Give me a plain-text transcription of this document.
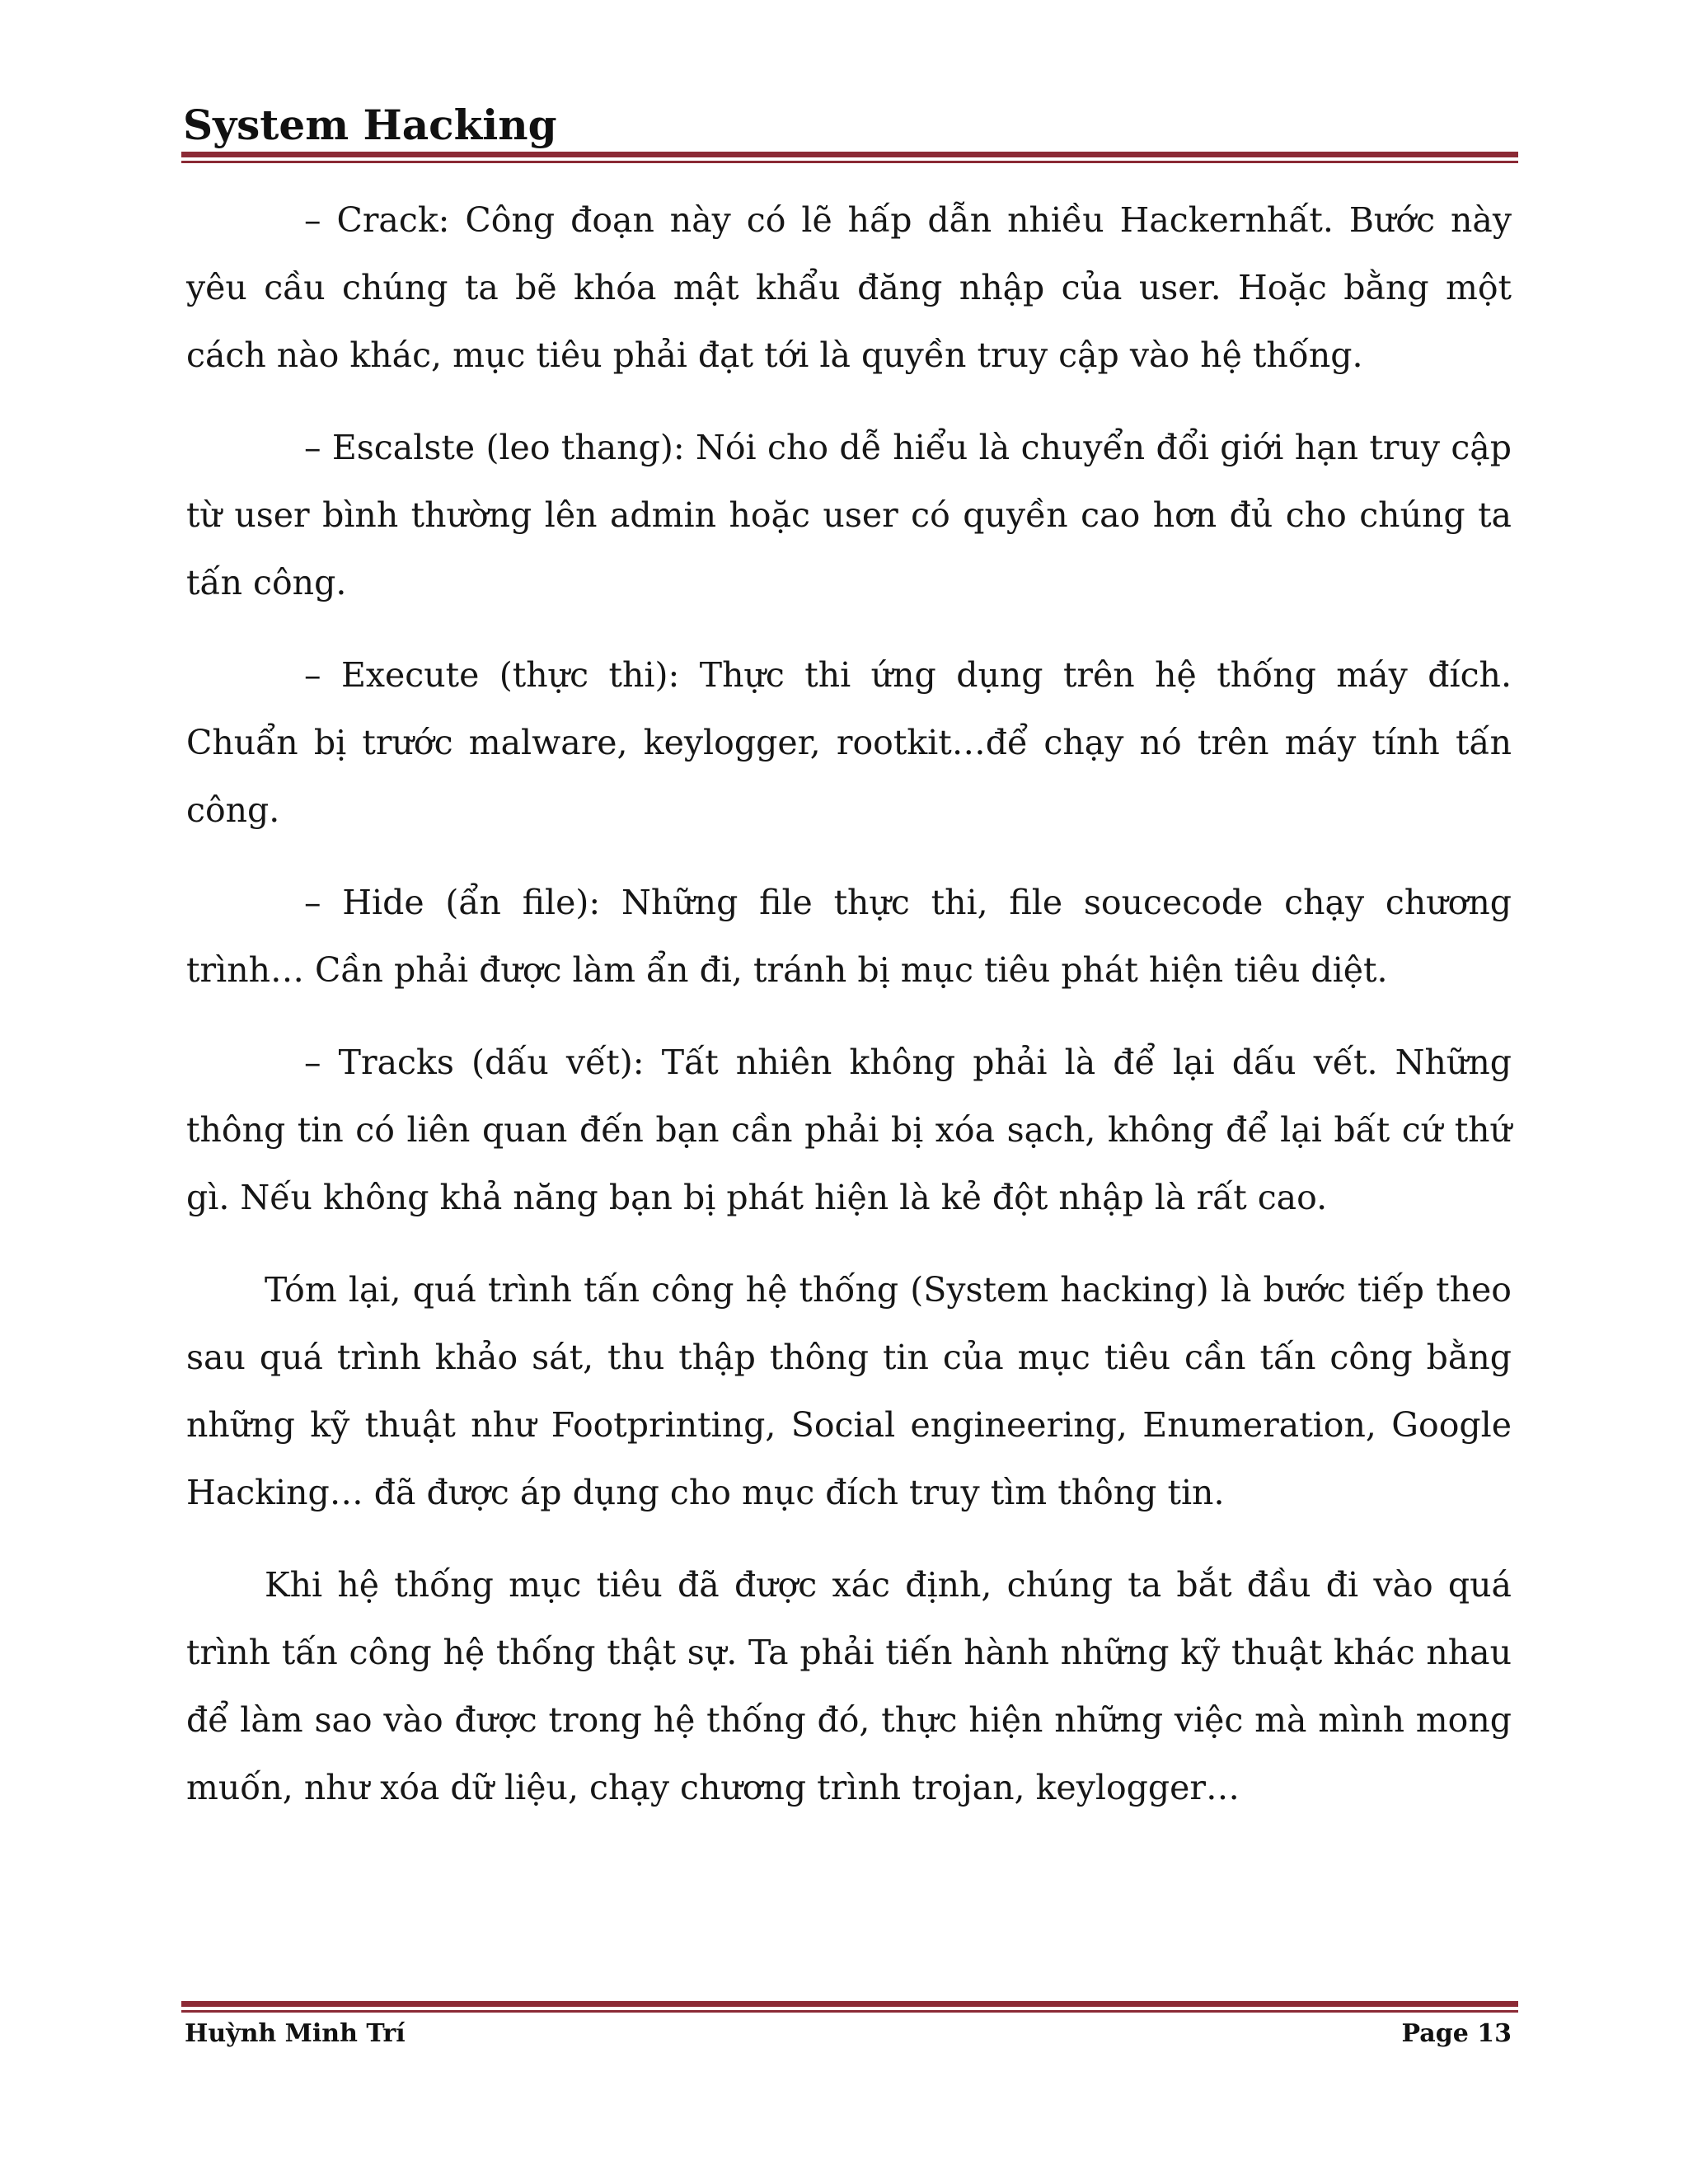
System Hacking

– Crack: Công đoạn này có lẽ hấp dẫn nhiều Hackernhất. Bước này yêu cầu chúng ta bẽ khóa mật khẩu đăng nhập của user. Hoặc bằng một cách nào khác, mục tiêu phải đạt tới là quyền truy cập vào hệ thống.

– Escalste (leo thang): Nói cho dễ hiểu là chuyển đổi giới hạn truy cập từ user bình thường lên admin hoặc user có quyền cao hơn đủ cho chúng ta tấn công.

– Execute (thực thi): Thực thi ứng dụng trên hệ thống máy đích. Chuẩn bị trước malware, keylogger, rootkit…để chạy nó trên máy tính tấn công.

– Hide (ẩn file): Những file thực thi, file soucecode chạy chương trình… Cần phải được làm ẩn đi, tránh bị mục tiêu phát hiện tiêu diệt.

– Tracks (dấu vết): Tất nhiên không phải là để lại dấu vết. Những thông tin có liên quan đến bạn cần phải bị xóa sạch, không để lại bất cứ thứ gì. Nếu không khả năng bạn bị phát hiện là kẻ đột nhập là rất cao.

Tóm lại, quá trình tấn công hệ thống (System hacking) là bước tiếp theo sau quá trình khảo sát, thu thập thông tin của mục tiêu cần tấn công bằng những kỹ thuật như Footprinting, Social engineering, Enumeration, Google Hacking… đã được áp dụng cho mục đích truy tìm thông tin.

Khi hệ thống mục tiêu đã được xác định, chúng ta bắt đầu đi vào quá trình tấn công hệ thống thật sự. Ta phải tiến hành những kỹ thuật khác nhau để làm sao vào được trong hệ thống đó, thực hiện những việc mà mình mong muốn, như xóa dữ liệu, chạy chương trình trojan, keylogger…

Huỳnh Minh Trí	Page 13
